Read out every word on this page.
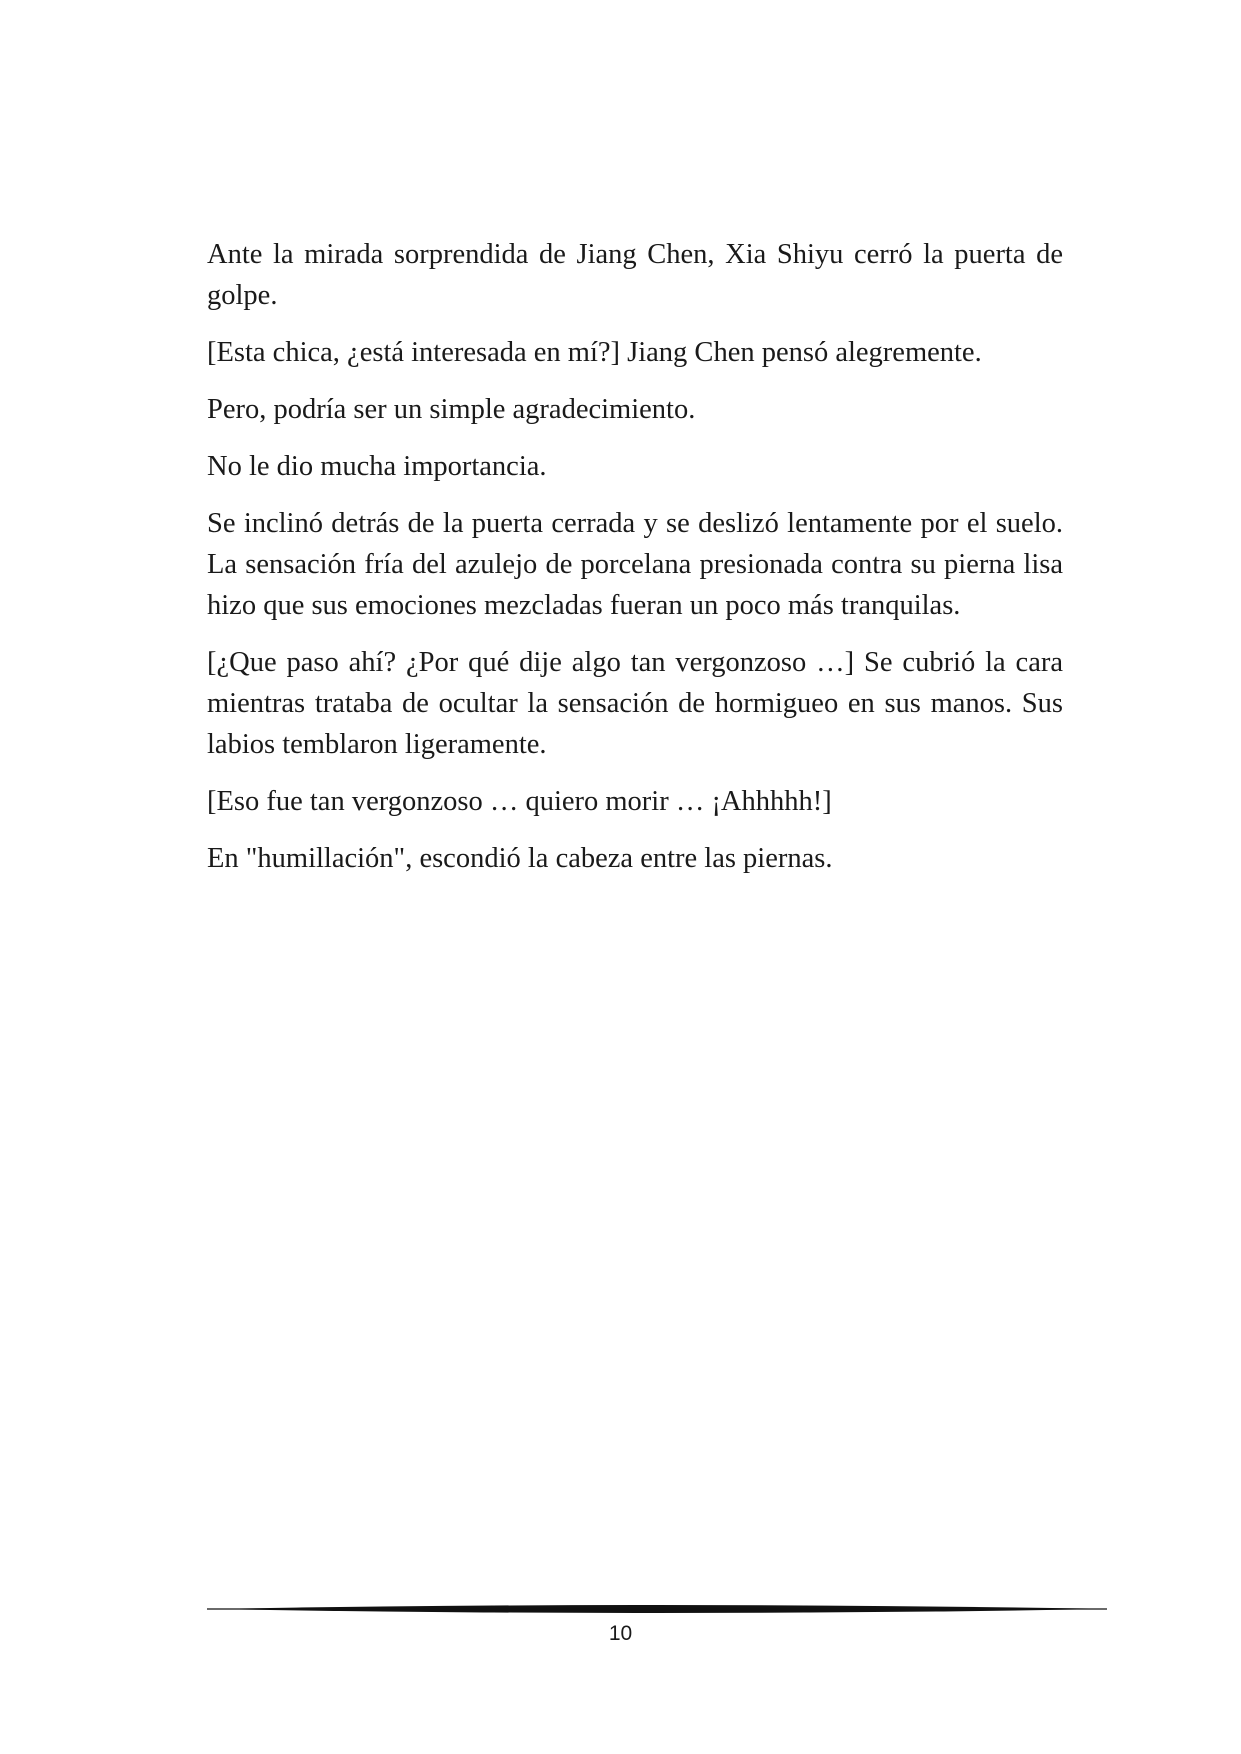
Ante la mirada sorprendida de Jiang Chen, Xia Shiyu cerró la puerta de golpe.

[Esta chica, ¿está interesada en mí?] Jiang Chen pensó alegremente.

Pero, podría ser un simple agradecimiento.

No le dio mucha importancia.

Se inclinó detrás de la puerta cerrada y se deslizó lentamente por el suelo. La sensación fría del azulejo de porcelana presionada contra su pierna lisa hizo que sus emociones mezcladas fueran un poco más tranquilas.

[¿Que paso ahí? ¿Por qué dije algo tan vergonzoso …] Se cubrió la cara mientras trataba de ocultar la sensación de hormigueo en sus manos. Sus labios temblaron ligeramente.

[Eso fue tan vergonzoso … quiero morir … ¡Ahhhhh!]

En "humillación", escondió la cabeza entre las piernas.

10
